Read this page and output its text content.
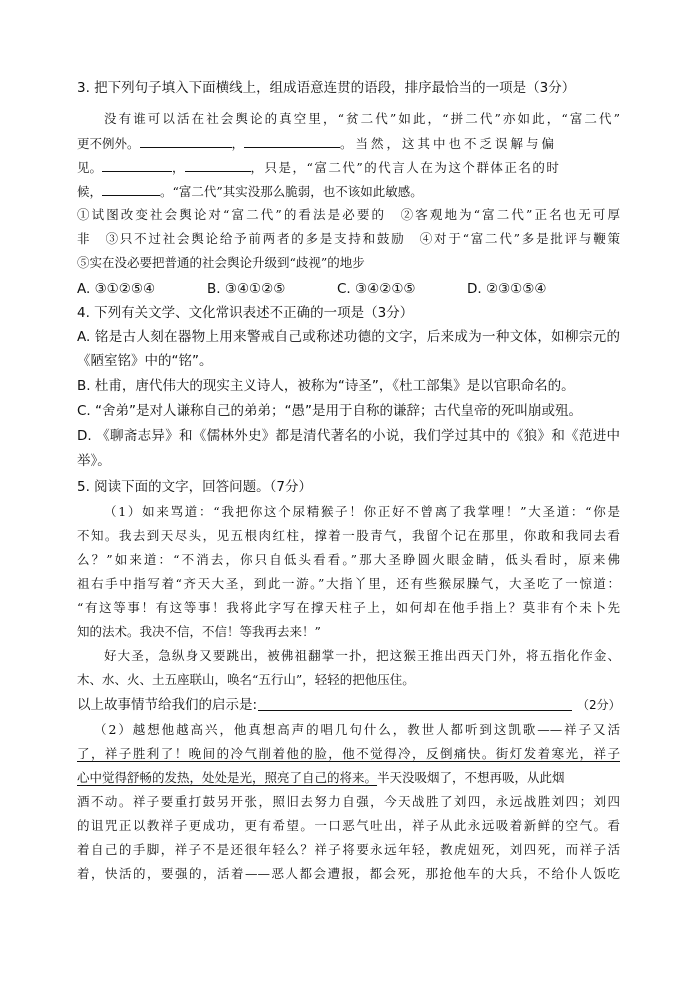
3. 把下列句子填入下面横线上，组成语意连贯的语段，排序最恰当的一项是（3分）
没有谁可以活在社会舆论的真空里，“贫二代”如此，“拼二代”亦如此，“富二代”
更不例外。	，	。当然，这其中也不乏误解与偏
见。	，	，只是，“富二代”的代言人在为这个群体正名的时
候，	。“富二代”其实没那么脆弱，也不该如此敏感。
①试图改变社会舆论对“富二代”的看法是必要的　②客观地为“富二代”正名也无可厚
非　③只不过社会舆论给予前两者的多是支持和鼓励　④对于“富二代”多是批评与鞭策
⑤实在没必要把普通的社会舆论升级到“歧视”的地步
A. ③①②⑤④	B. ③④①②⑤	C. ③④②①⑤	D. ②③①⑤④
4. 下列有关文学、文化常识表述不正确的一项是（3分）
A. 铭是古人刻在器物上用来警戒自己或称述功德的文字，后来成为一种文体，如柳宗元的
《陋室铭》中的“铭”。
B. 杜甫，唐代伟大的现实主义诗人，被称为“诗圣”，《杜工部集》是以官职命名的。
C. “舍弟”是对人谦称自己的弟弟；“愚”是用于自称的谦辞；古代皇帝的死叫崩或殂。
D. 《聊斋志异》和《儒林外史》都是清代著名的小说，我们学过其中的《狼》和《范进中
举》。
5. 阅读下面的文字，回答问题。（7分）
（1）如来骂道：“我把你这个尿精猴子！你正好不曾离了我掌哩！”大圣道：“你是
不知。我去到天尽头，见五根肉红柱，撑着一股青气，我留个记在那里，你敢和我同去看
么？”如来道：“不消去，你只自低头看看。”那大圣睁圆火眼金睛，低头看时，原来佛
祖右手中指写着“齐天大圣，到此一游。”大指丫里，还有些猴尿臊气，大圣吃了一惊道：
“有这等事！有这等事！我将此字写在撑天柱子上，如何却在他手指上？莫非有个未卜先
知的法术。我决不信，不信！等我再去来！”
好大圣，急纵身又要跳出，被佛祖翻掌一扑，把这猴王推出西天门外，将五指化作金、
木、水、火、土五座联山，唤名“五行山”，轻轻的把他压住。
以上故事情节给我们的启示是:	（2分）
（2）越想他越高兴，他真想高声的唱几句什么，教世人都听到这凯歌——祥子又活
了，祥子胜利了！晚间的冷气削着他的脸，他不觉得冷，反倒痛快。街灯发着寒光，祥子
心中觉得舒畅的发热，处处是光，照亮了自己的将来。半天没吸烟了，不想再吸，从此烟
酒不动。祥子要重打鼓另开张，照旧去努力自强，今天战胜了刘四，永远战胜刘四；刘四
的诅咒正以教祥子更成功，更有希望。一口恶气吐出，祥子从此永远吸着新鲜的空气。看
着自己的手脚，祥子不是还很年轻么？祥子将要永远年轻，教虎妞死，刘四死，而祥子活
着，快活的，要强的，活着——恶人都会遭报，都会死，那抢他车的大兵，不给仆人饭吃
